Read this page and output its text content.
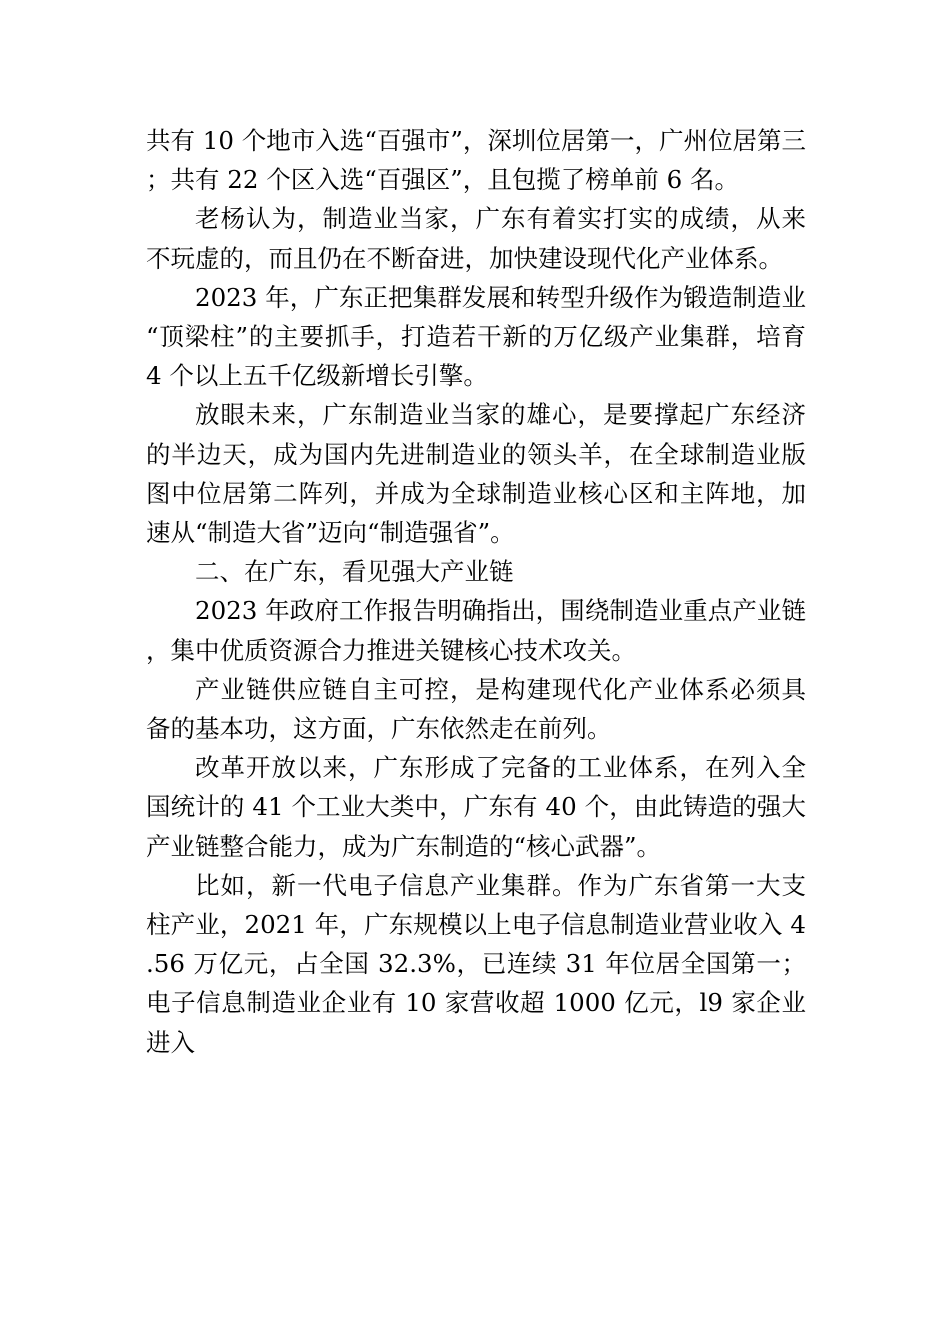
共有 10 个地市入选“百强市”，深圳位居第一，广州位居第三；共有 22 个区入选“百强区”，且包揽了榜单前 6 名。

老杨认为，制造业当家，广东有着实打实的成绩，从来不玩虚的，而且仍在不断奋进，加快建设现代化产业体系。

2023 年，广东正把集群发展和转型升级作为锻造制造业“顶梁柱”的主要抓手，打造若干新的万亿级产业集群，培育 4 个以上五千亿级新增长引擎。

放眼未来，广东制造业当家的雄心，是要撑起广东经济的半边天，成为国内先进制造业的领头羊，在全球制造业版图中位居第二阵列，并成为全球制造业核心区和主阵地，加速从“制造大省”迈向“制造强省”。

二、在广东，看见强大产业链

2023 年政府工作报告明确指出，围绕制造业重点产业链，集中优质资源合力推进关键核心技术攻关。

产业链供应链自主可控，是构建现代化产业体系必须具备的基本功，这方面，广东依然走在前列。

改革开放以来，广东形成了完备的工业体系，在列入全国统计的 41 个工业大类中，广东有 40 个，由此铸造的强大产业链整合能力，成为广东制造的“核心武器”。

比如，新一代电子信息产业集群。作为广东省第一大支柱产业，2021 年，广东规模以上电子信息制造业营业收入 4.56 万亿元，占全国 32.3%，已连续 31 年位居全国第一；电子信息制造业企业有 10 家营收超 1000 亿元，l9 家企业进入
